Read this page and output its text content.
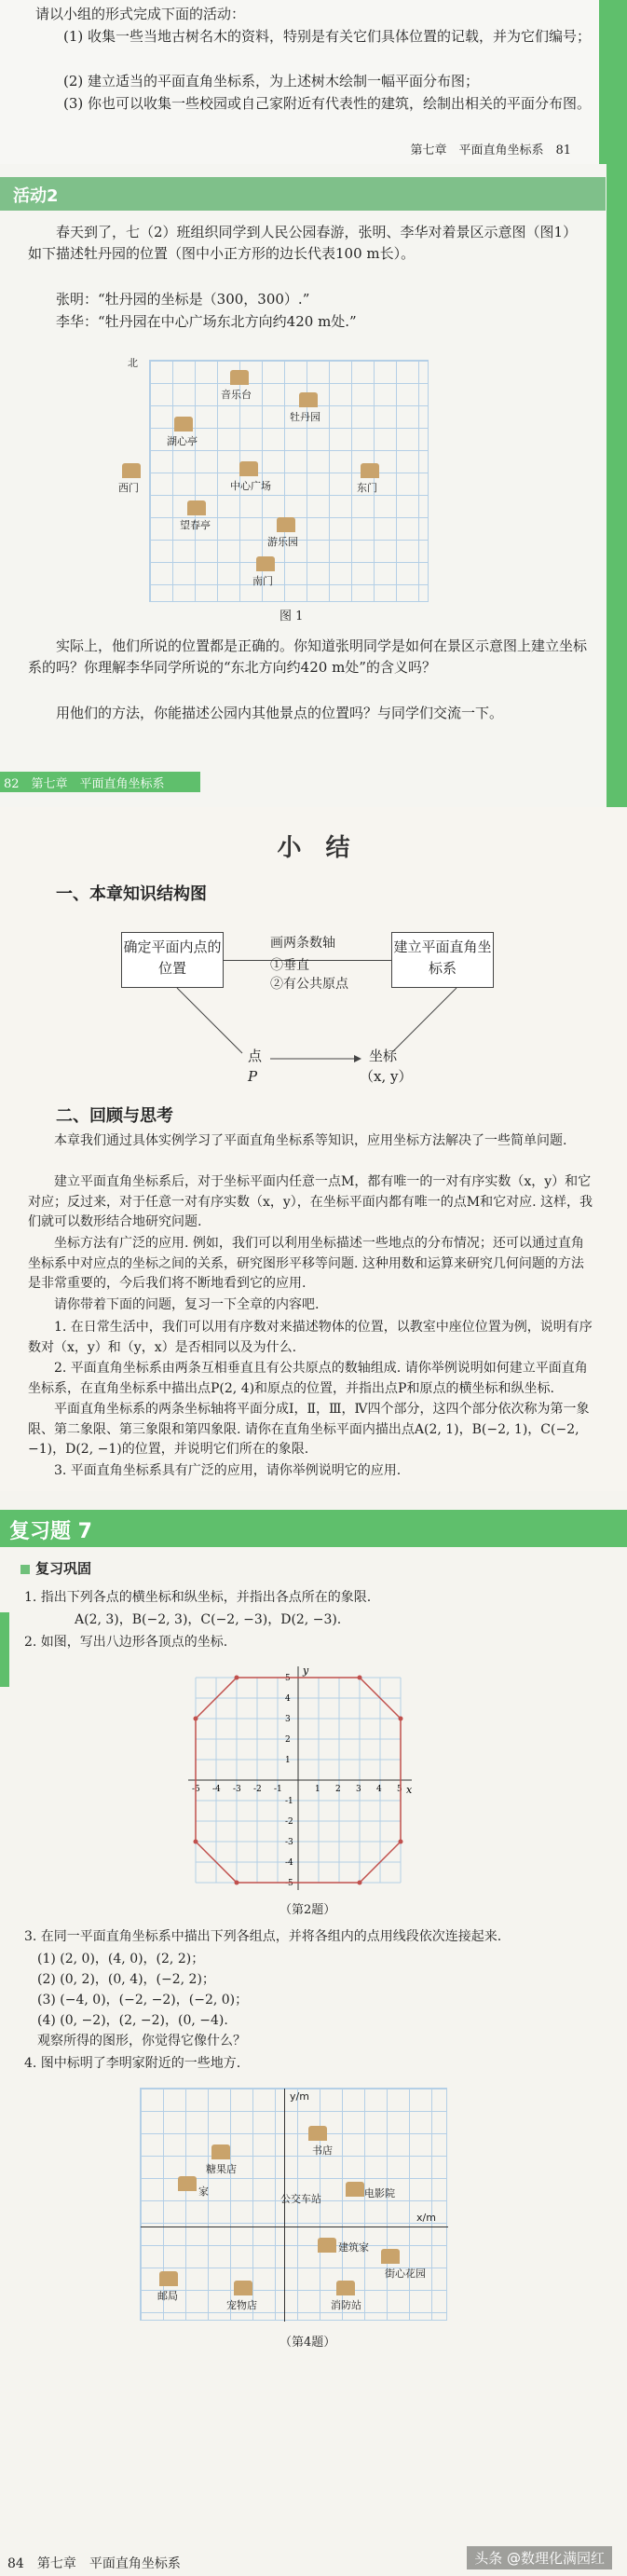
请以小组的形式完成下面的活动：
(1) 收集一些当地古树名木的资料，特别是有关它们具体位置的记载，并为它们编号；
(2) 建立适当的平面直角坐标系，为上述树木绘制一幅平面分布图；
(3) 你也可以收集一些校园或自己家附近有代表性的建筑，绘制出相关的平面分布图。
第七章　平面直角坐标系　81
活动2
春天到了，七（2）班组织同学到人民公园春游，张明、李华对着景区示意图（图1）如下描述牡丹园的位置（图中小正方形的边长代表100 m长）。
张明：“牡丹园的坐标是（300，300）.”
李华：“牡丹园在中心广场东北方向约420 m处.”
北
音乐台
牡丹园
湖心亭
中心广场
西门	东门
望春亭
游乐园
南门
图 1
实际上，他们所说的位置都是正确的。你知道张明同学是如何在景区示意图上建立坐标系的吗？你理解李华同学所说的“东北方向约420 m处”的含义吗？
用他们的方法，你能描述公园内其他景点的位置吗？与同学们交流一下。
82　第七章　平面直角坐标系
小　结
一、本章知识结构图
确定平面内点的位置
建立平面直角坐标系
画两条数轴
①垂直
②有公共原点
点
P
坐标
（x, y）
二、回顾与思考
本章我们通过具体实例学习了平面直角坐标系等知识，应用坐标方法解决了一些简单问题.
建立平面直角坐标系后，对于坐标平面内任意一点M，都有唯一的一对有序实数（x，y）和它对应；反过来，对于任意一对有序实数（x，y），在坐标平面内都有唯一的点M和它对应. 这样，我们就可以数形结合地研究问题.
坐标方法有广泛的应用. 例如，我们可以利用坐标描述一些地点的分布情况；还可以通过直角坐标系中对应点的坐标之间的关系，研究图形平移等问题. 这种用数和运算来研究几何问题的方法是非常重要的，今后我们将不断地看到它的应用.
请你带着下面的问题，复习一下全章的内容吧.
1. 在日常生活中，我们可以用有序数对来描述物体的位置，以教室中座位位置为例，说明有序数对（x，y）和（y，x）是否相同以及为什么.
2. 平面直角坐标系由两条互相垂直且有公共原点的数轴组成. 请你举例说明如何建立平面直角坐标系，在直角坐标系中描出点P(2, 4)和原点的位置，并指出点P和原点的横坐标和纵坐标.
平面直角坐标系的两条坐标轴将平面分成Ⅰ，Ⅱ，Ⅲ，Ⅳ四个部分，这四个部分依次称为第一象限、第二象限、第三象限和第四象限. 请你在直角坐标平面内描出点A(2, 1)，B(−2, 1)，C(−2, −1)，D(2, −1)的位置，并说明它们所在的象限.
3. 平面直角坐标系具有广泛的应用，请你举例说明它的应用.
复习题 7
复习巩固
1. 指出下列各点的横坐标和纵坐标，并指出各点所在的象限.
A(2, 3)，B(−2, 3)，C(−2, −3)，D(2, −3).
2. 如图，写出八边形各顶点的坐标.
x
y
-5 -4 -3 -2 -1	1 2 3 4 5
-5
-4
-3
-2
-1
1
2
3
4
5
（第2题）
3. 在同一平面直角坐标系中描出下列各组点，并将各组内的点用线段依次连接起来.
(1) (2, 0)，(4, 0)，(2, 2)；
(2) (0, 2)，(0, 4)，(−2, 2)；
(3) (−4, 0)，(−2, −2)，(−2, 0)；
(4) (0, −2)，(2, −2)，(0, −4).
观察所得的图形，你觉得它像什么？
4. 图中标明了李明家附近的一些地方.
y/m
x/m
书店
糖果店
家
公交车站	电影院
建筑家
街心花园
邮局
宠物店	消防站
（第4题）
84　第七章　平面直角坐标系	头条 @数理化满园红
